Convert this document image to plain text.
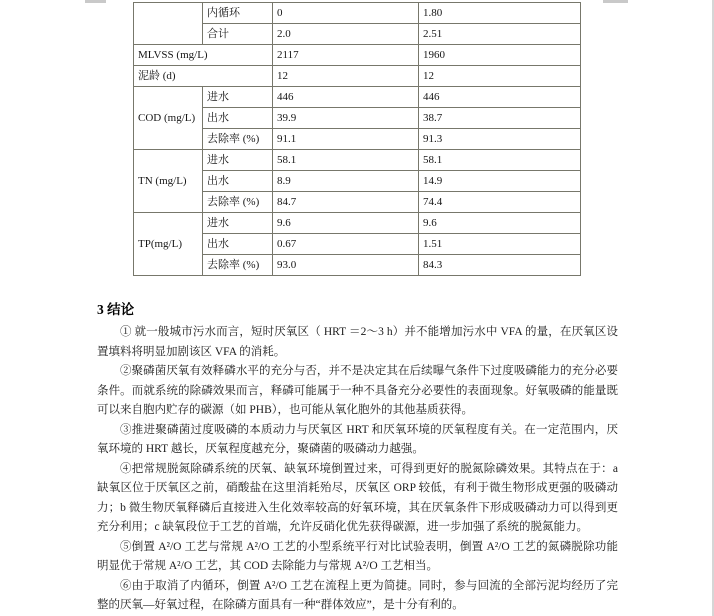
	内循环	0	1.80
	合计	2.0	2.51
MLVSS (mg/L)		2117	1960
泥龄 (d)		12	12
COD (mg/L)	进水	446	446
	出水	39.9	38.7
	去除率 (%)	91.1	91.3
TN (mg/L)	进水	58.1	58.1
	出水	8.9	14.9
	去除率 (%)	84.7	74.4
TP(mg/L)	进水	9.6	9.6
	出水	0.67	1.51
	去除率 (%)	93.0	84.3
3 结论

① 就一般城市污水而言，短时厌氧区（ HRT ＝2～3 h）并不能增加污水中 VFA 的量，在厌氧区设置填料将明显加剧该区 VFA 的消耗。

②聚磷菌厌氧有效释磷水平的充分与否，并不是决定其在后续曝气条件下过度吸磷能力的充分必要条件。而就系统的除磷效果而言，释磷可能属于一种不具备充分必要性的表面现象。好氧吸磷的能量既可以来自胞内贮存的碳源（如 PHB），也可能从氧化胞外的其他基质获得。

③推进聚磷菌过度吸磷的本质动力与厌氧区 HRT 和厌氧环境的厌氧程度有关。在一定范围内，厌氧环境的 HRT 越长，厌氧程度越充分，聚磷菌的吸磷动力越强。

④把常规脱氮除磷系统的厌氧、缺氧环境倒置过来，可得到更好的脱氮除磷效果。其特点在于：a 缺氧区位于厌氧区之前，硝酸盐在这里消耗殆尽，厌氧区 ORP 较低，有利于微生物形成更强的吸磷动力；b 微生物厌氧释磷后直接进入生化效率较高的好氧环境，其在厌氧条件下形成吸磷动力可以得到更充分利用；c 缺氧段位于工艺的首端，允许反硝化优先获得碳源，进一步加强了系统的脱氮能力。

⑤倒置 A²/O 工艺与常规 A²/O 工艺的小型系统平行对比试验表明，倒置 A²/O 工艺的氮磷脱除功能明显优于常规 A²/O 工艺，其 COD 去除能力与常规 A²/O 工艺相当。

⑥由于取消了内循环，倒置 A²/O 工艺在流程上更为简捷。同时，参与回流的全部污泥均经历了完整的厌氧—好氧过程，在除磷方面具有一种“群体效应”，是十分有利的。
